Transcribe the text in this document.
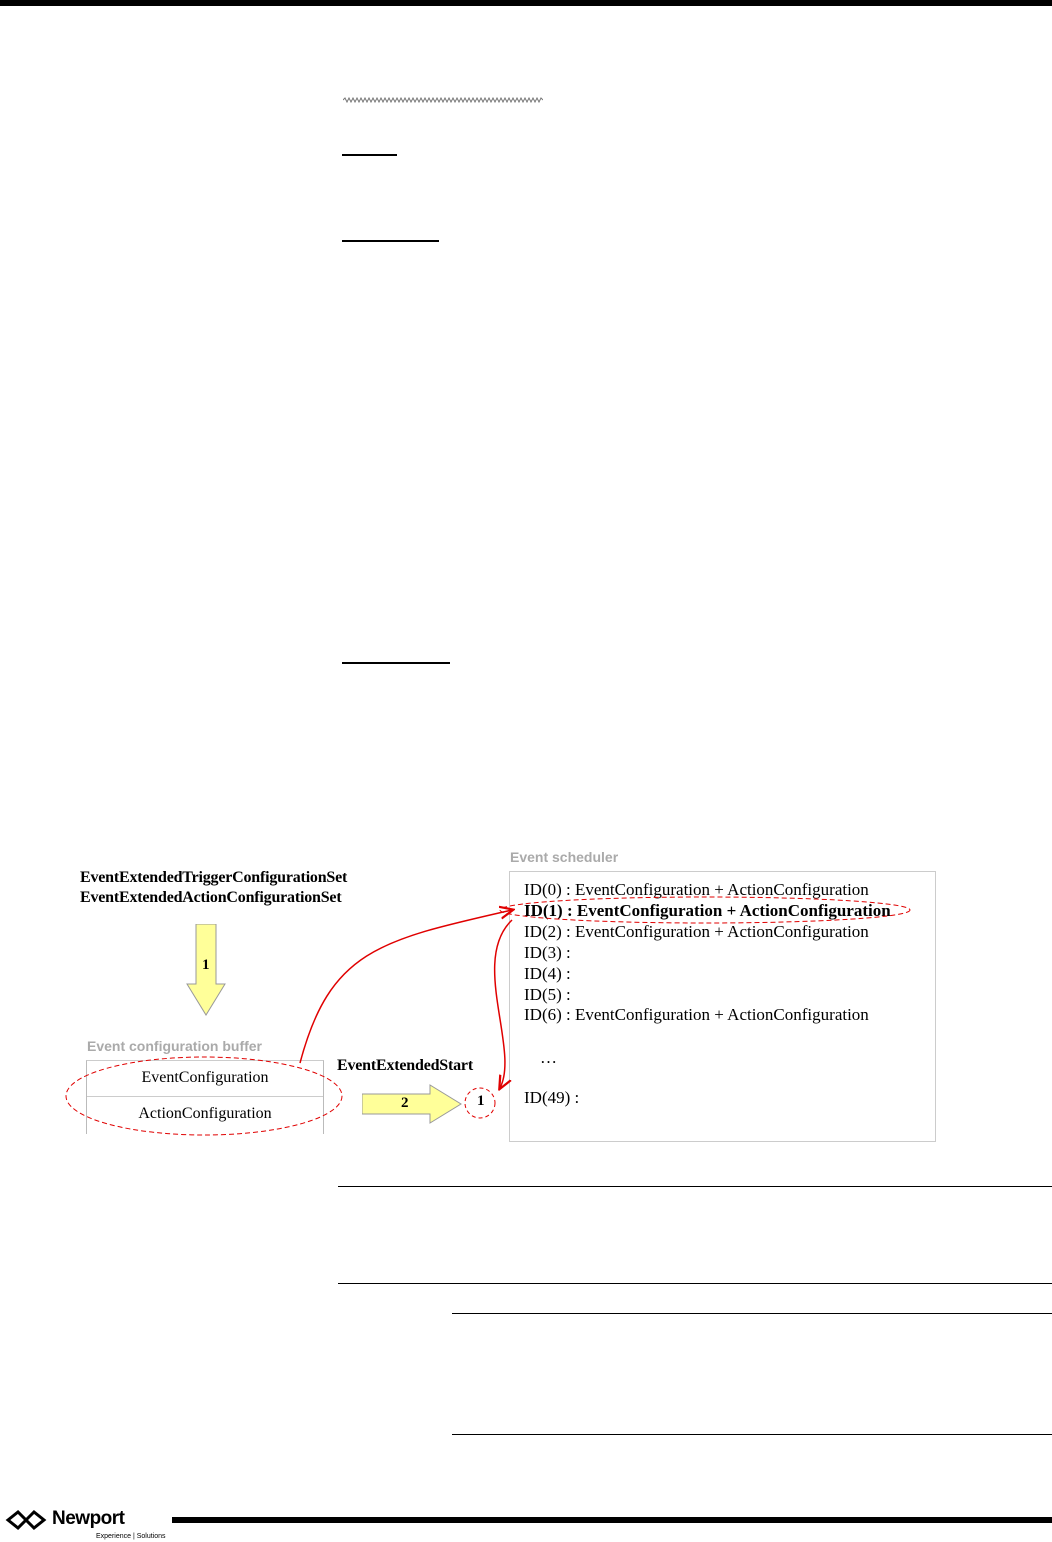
EventExtendedTriggerConfigurationSet
EventExtendedActionConfigurationSet
1
Event configuration buffer
EventConfiguration
ActionConfiguration
EventExtendedStart
2	1
Event scheduler
ID(0) : EventConfiguration + ActionConfiguration
ID(1) : EventConfiguration + ActionConfiguration
ID(2) : EventConfiguration + ActionConfiguration
ID(3) :
ID(4) :
ID(5) :
ID(6) : EventConfiguration + ActionConfiguration
…
ID(49) :
Newport
Experience | Solutions
